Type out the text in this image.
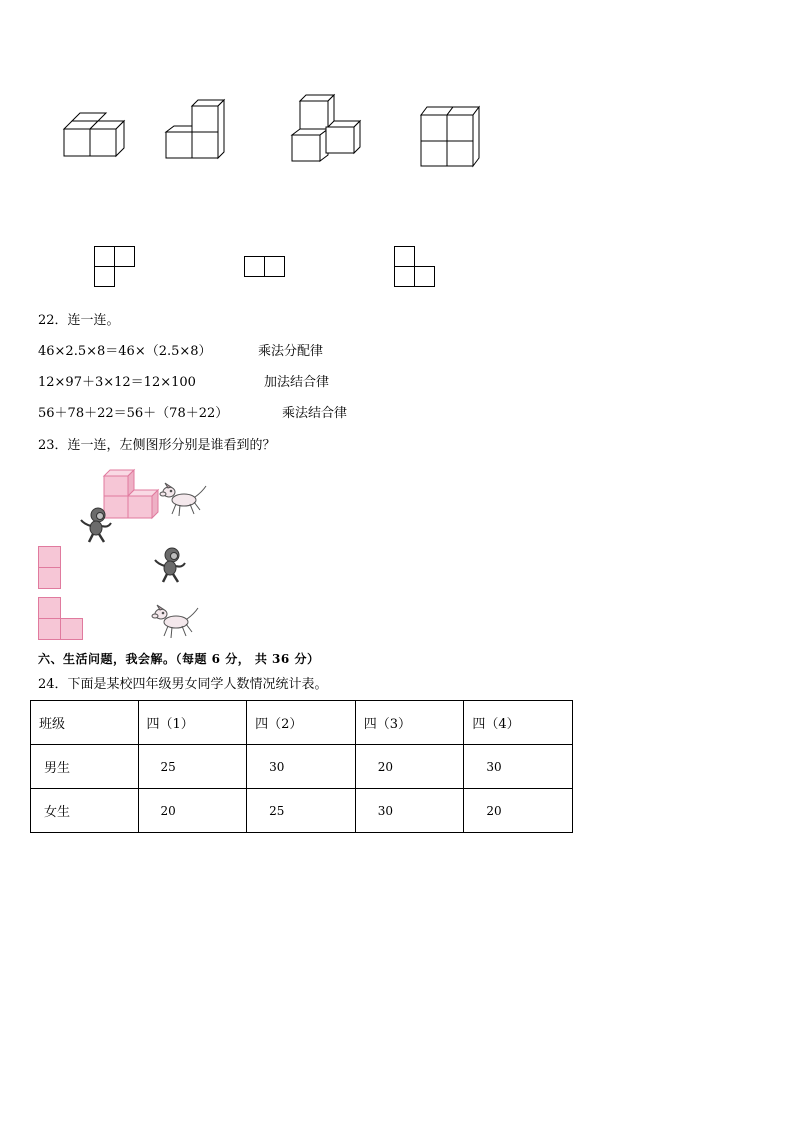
22．连一连。
46×2.5×8＝46×（2.5×8）
12×97＋3×12＝12×100
56＋78＋22＝56＋（78＋22）
乘法分配律
加法结合律
乘法结合律
23．连一连，左侧图形分别是谁看到的？
六、生活问题，我会解。（每题 6 分， 共 36 分）
24．下面是某校四年级男女同学人数情况统计表。
班级	四（1）	四（2）	四（3）	四（4）
男生	25	30	20	30
女生	20	25	30	20
